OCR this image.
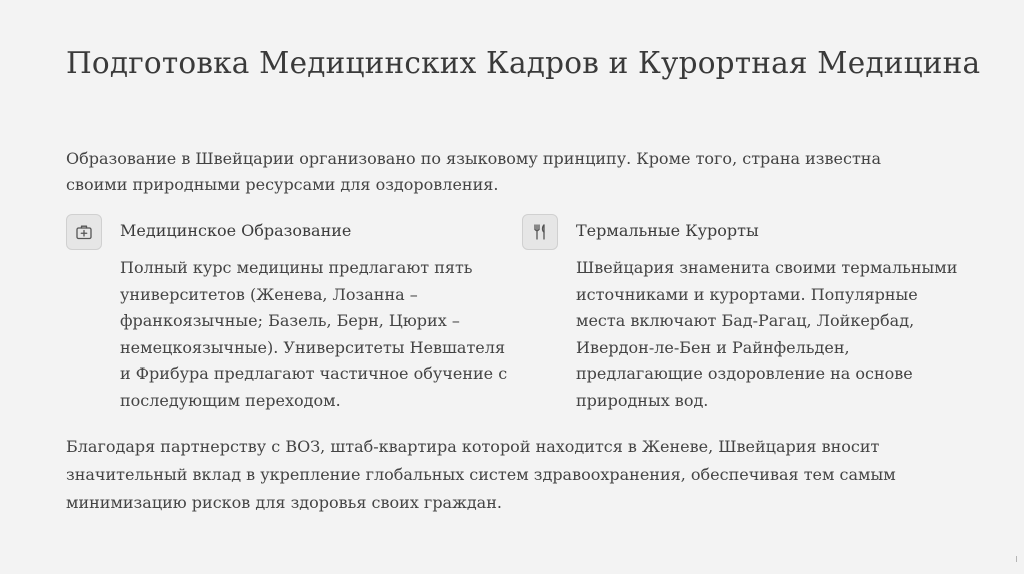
Подготовка Медицинских Кадров и Курортная Медицина

Образование в Швейцарии организовано по языковому принципу. Кроме того, страна известна своими природными ресурсами для оздоровления.

Медицинское Образование
Полный курс медицины предлагают пять университетов (Женева, Лозанна – франкоязычные; Базель, Берн, Цюрих – немецкоязычные). Университеты Невшателя и Фрибура предлагают частичное обучение с последующим переходом.
Термальные Курорты
Швейцария знаменита своими термальными источниками и курортами. Популярные места включают Бад-Рагац, Лойкербад, Ивердон-ле-Бен и Райнфельден, предлагающие оздоровление на основе природных вод.

Благодаря партнерству с ВОЗ, штаб-квартира которой находится в Женеве, Швейцария вносит значительный вклад в укрепление глобальных систем здравоохранения, обеспечивая тем самым минимизацию рисков для здоровья своих граждан.
